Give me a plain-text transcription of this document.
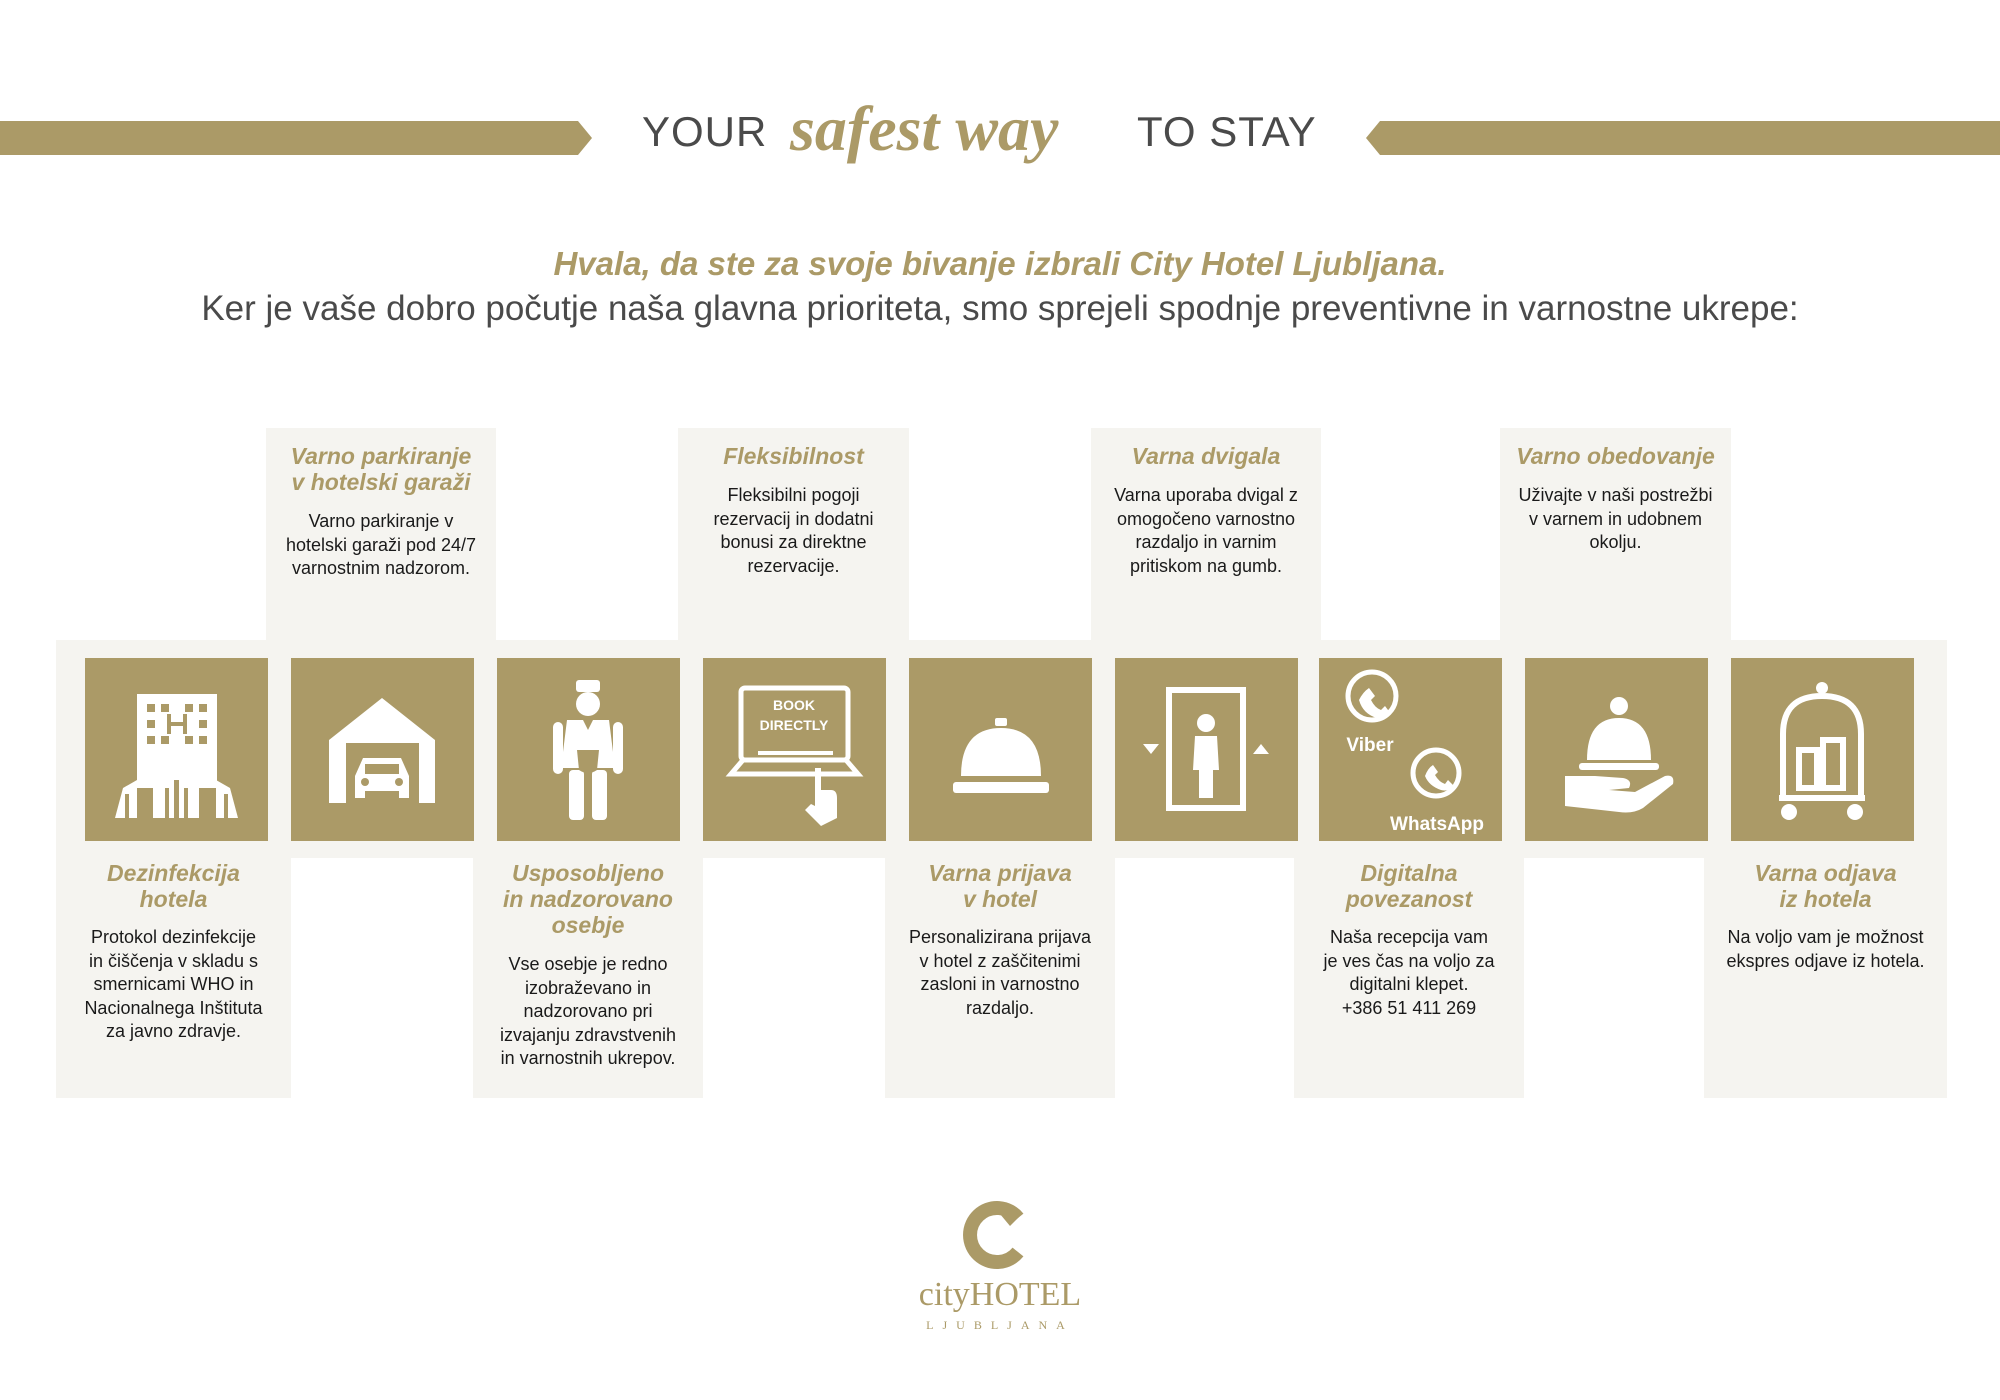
YOUR safest way TO STAY
Hvala, da ste za svoje bivanje izbrali City Hotel Ljubljana.
Ker je vaše dobro počutje naša glavna prioriteta, smo sprejeli spodnje preventivne in varnostne ukrepe:
BOOK
DIRECTLY
Viber
WhatsApp
Dezinfekcija
hotela
Protokol dezinfekcije
in čiščenja v skladu s
smernicami WHO in
Nacionalnega Inštituta
za javno zdravje.
Varno parkiranje
v hotelski garaži
Varno parkiranje v
hotelski garaži pod 24/7
varnostnim nadzorom.
Usposobljeno
in nadzorovano
osebje
Vse osebje je redno
izobraževano in
nadzorovano pri
izvajanju zdravstvenih
in varnostnih ukrepov.
Fleksibilnost
Fleksibilni pogoji
rezervacij in dodatni
bonusi za direktne
rezervacije.
Varna prijava
v hotel
Personalizirana prijava
v hotel z zaščitenimi
zasloni in varnostno
razdaljo.
Varna dvigala
Varna uporaba dvigal z
omogočeno varnostno
razdaljo in varnim
pritiskom na gumb.
Digitalna
povezanost
Naša recepcija vam
je ves čas na voljo za
digitalni klepet.
+386 51 411 269
Varno obedovanje
Uživajte v naši postrežbi
v varnem in udobnem
okolju.
Varna odjava
iz hotela
Na voljo vam je možnost
ekspres odjave iz hotela.
cityHOTEL
LJUBLJANA
